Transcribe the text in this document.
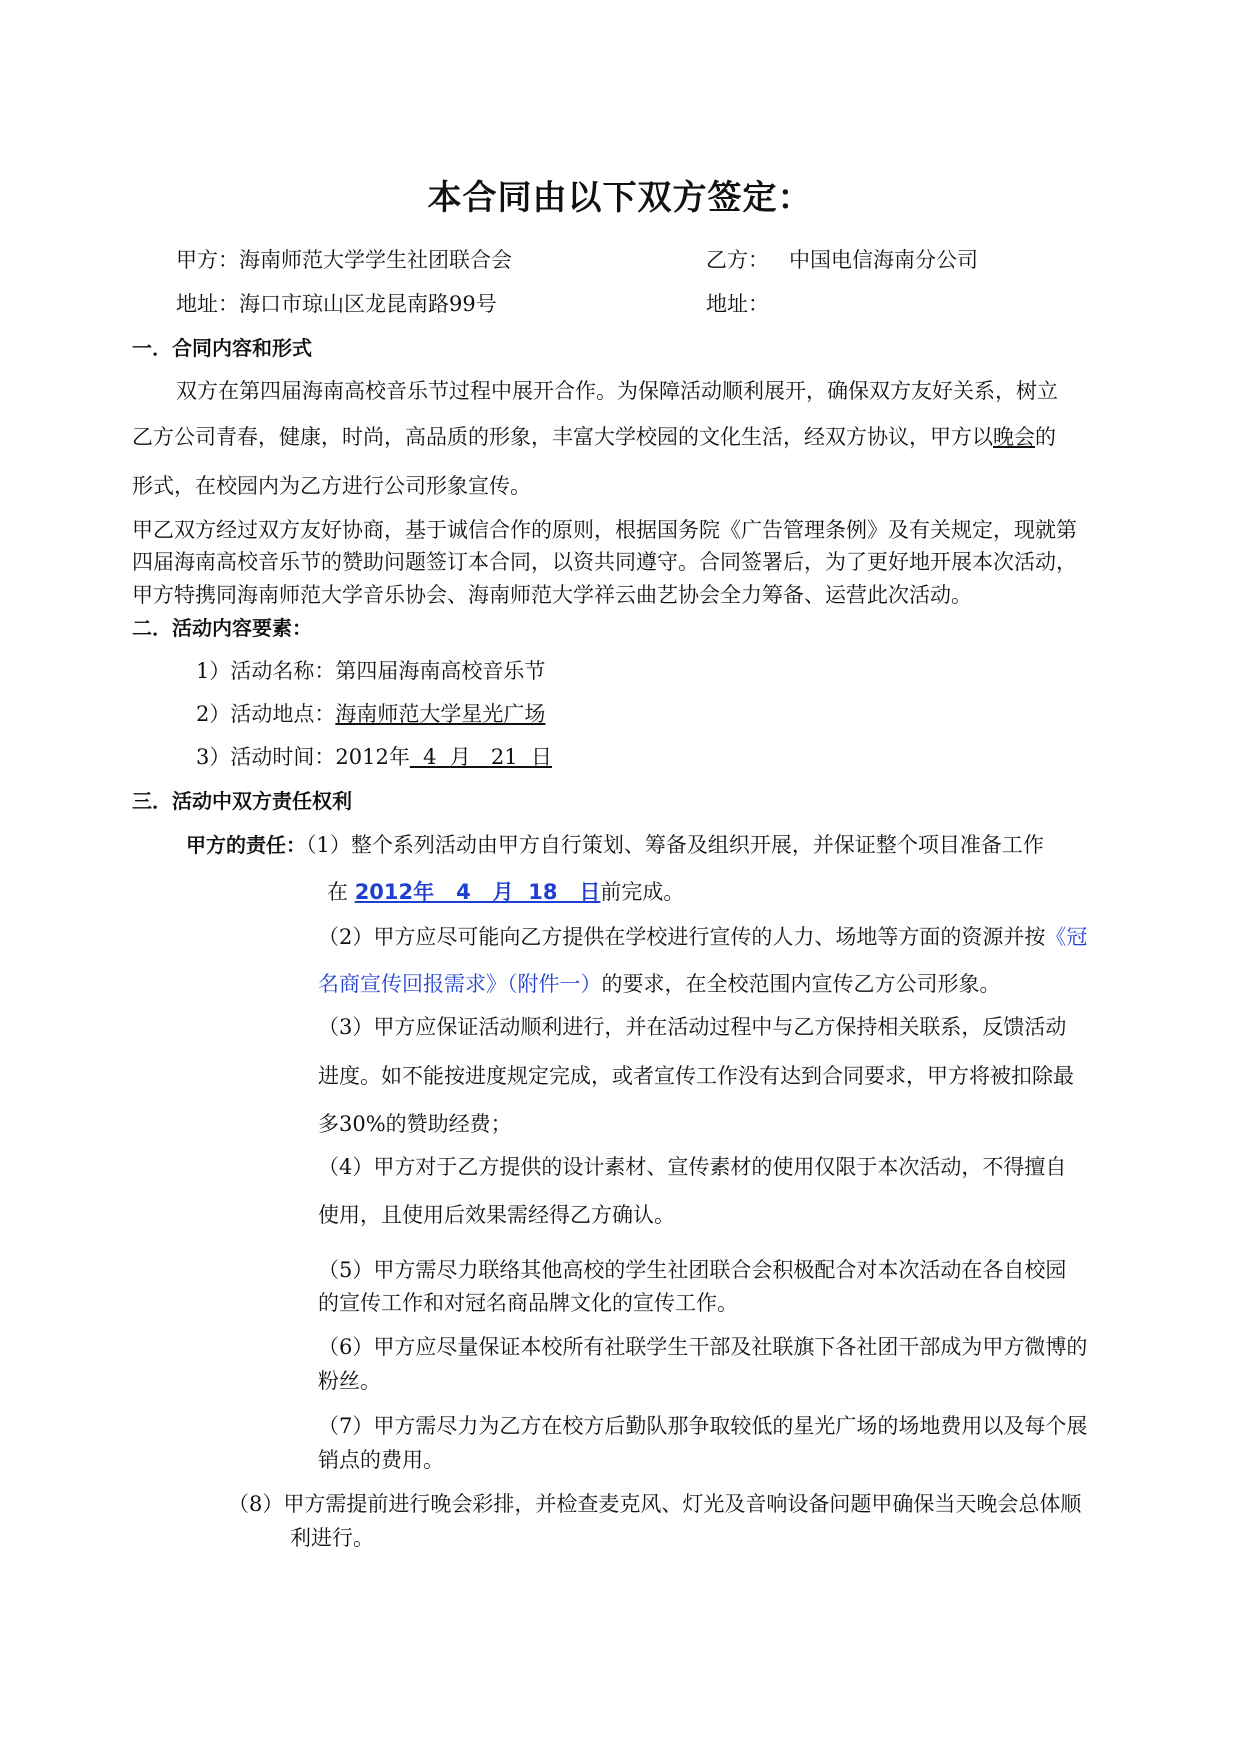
本合同由以下双方签定：
甲方：海南师范大学学生社团联合会	乙方： 中国电信海南分公司
地址：海口市琼山区龙昆南路99号	地址：
一．合同内容和形式
双方在第四届海南高校音乐节过程中展开合作。为保障活动顺利展开，确保双方友好关系，树立
乙方公司青春，健康，时尚，高品质的形象，丰富大学校园的文化生活，经双方协议，甲方以晚会的
形式，在校园内为乙方进行公司形象宣传。
甲乙双方经过双方友好协商，基于诚信合作的原则，根据国务院《广告管理条例》及有关规定，现就第
四届海南高校音乐节的赞助问题签订本合同，以资共同遵守。合同签署后，为了更好地开展本次活动，
甲方特携同海南师范大学音乐协会、海南师范大学祥云曲艺协会全力筹备、运营此次活动。
二．活动内容要素：
1）活动名称：第四届海南高校音乐节
2）活动地点：海南师范大学星光广场
3）活动时间：2012年  4  月   21  日
三．活动中双方责任权利
甲方的责任：（1）整个系列活动由甲方自行策划、筹备及组织开展，并保证整个项目准备工作
在 2012年   4   月  18   日前完成。
（2）甲方应尽可能向乙方提供在学校进行宣传的人力、场地等方面的资源并按《冠
名商宣传回报需求》（附件一）的要求，在全校范围内宣传乙方公司形象。
（3）甲方应保证活动顺利进行，并在活动过程中与乙方保持相关联系，反馈活动
进度。如不能按进度规定完成，或者宣传工作没有达到合同要求，甲方将被扣除最
多30%的赞助经费；
（4）甲方对于乙方提供的设计素材、宣传素材的使用仅限于本次活动，不得擅自
使用，且使用后效果需经得乙方确认。
（5）甲方需尽力联络其他高校的学生社团联合会积极配合对本次活动在各自校园
的宣传工作和对冠名商品牌文化的宣传工作。
（6）甲方应尽量保证本校所有社联学生干部及社联旗下各社团干部成为甲方微博的
粉丝。
（7）甲方需尽力为乙方在校方后勤队那争取较低的星光广场的场地费用以及每个展
销点的费用。
（8）甲方需提前进行晚会彩排，并检查麦克风、灯光及音响设备问题甲确保当天晚会总体顺
利进行。
